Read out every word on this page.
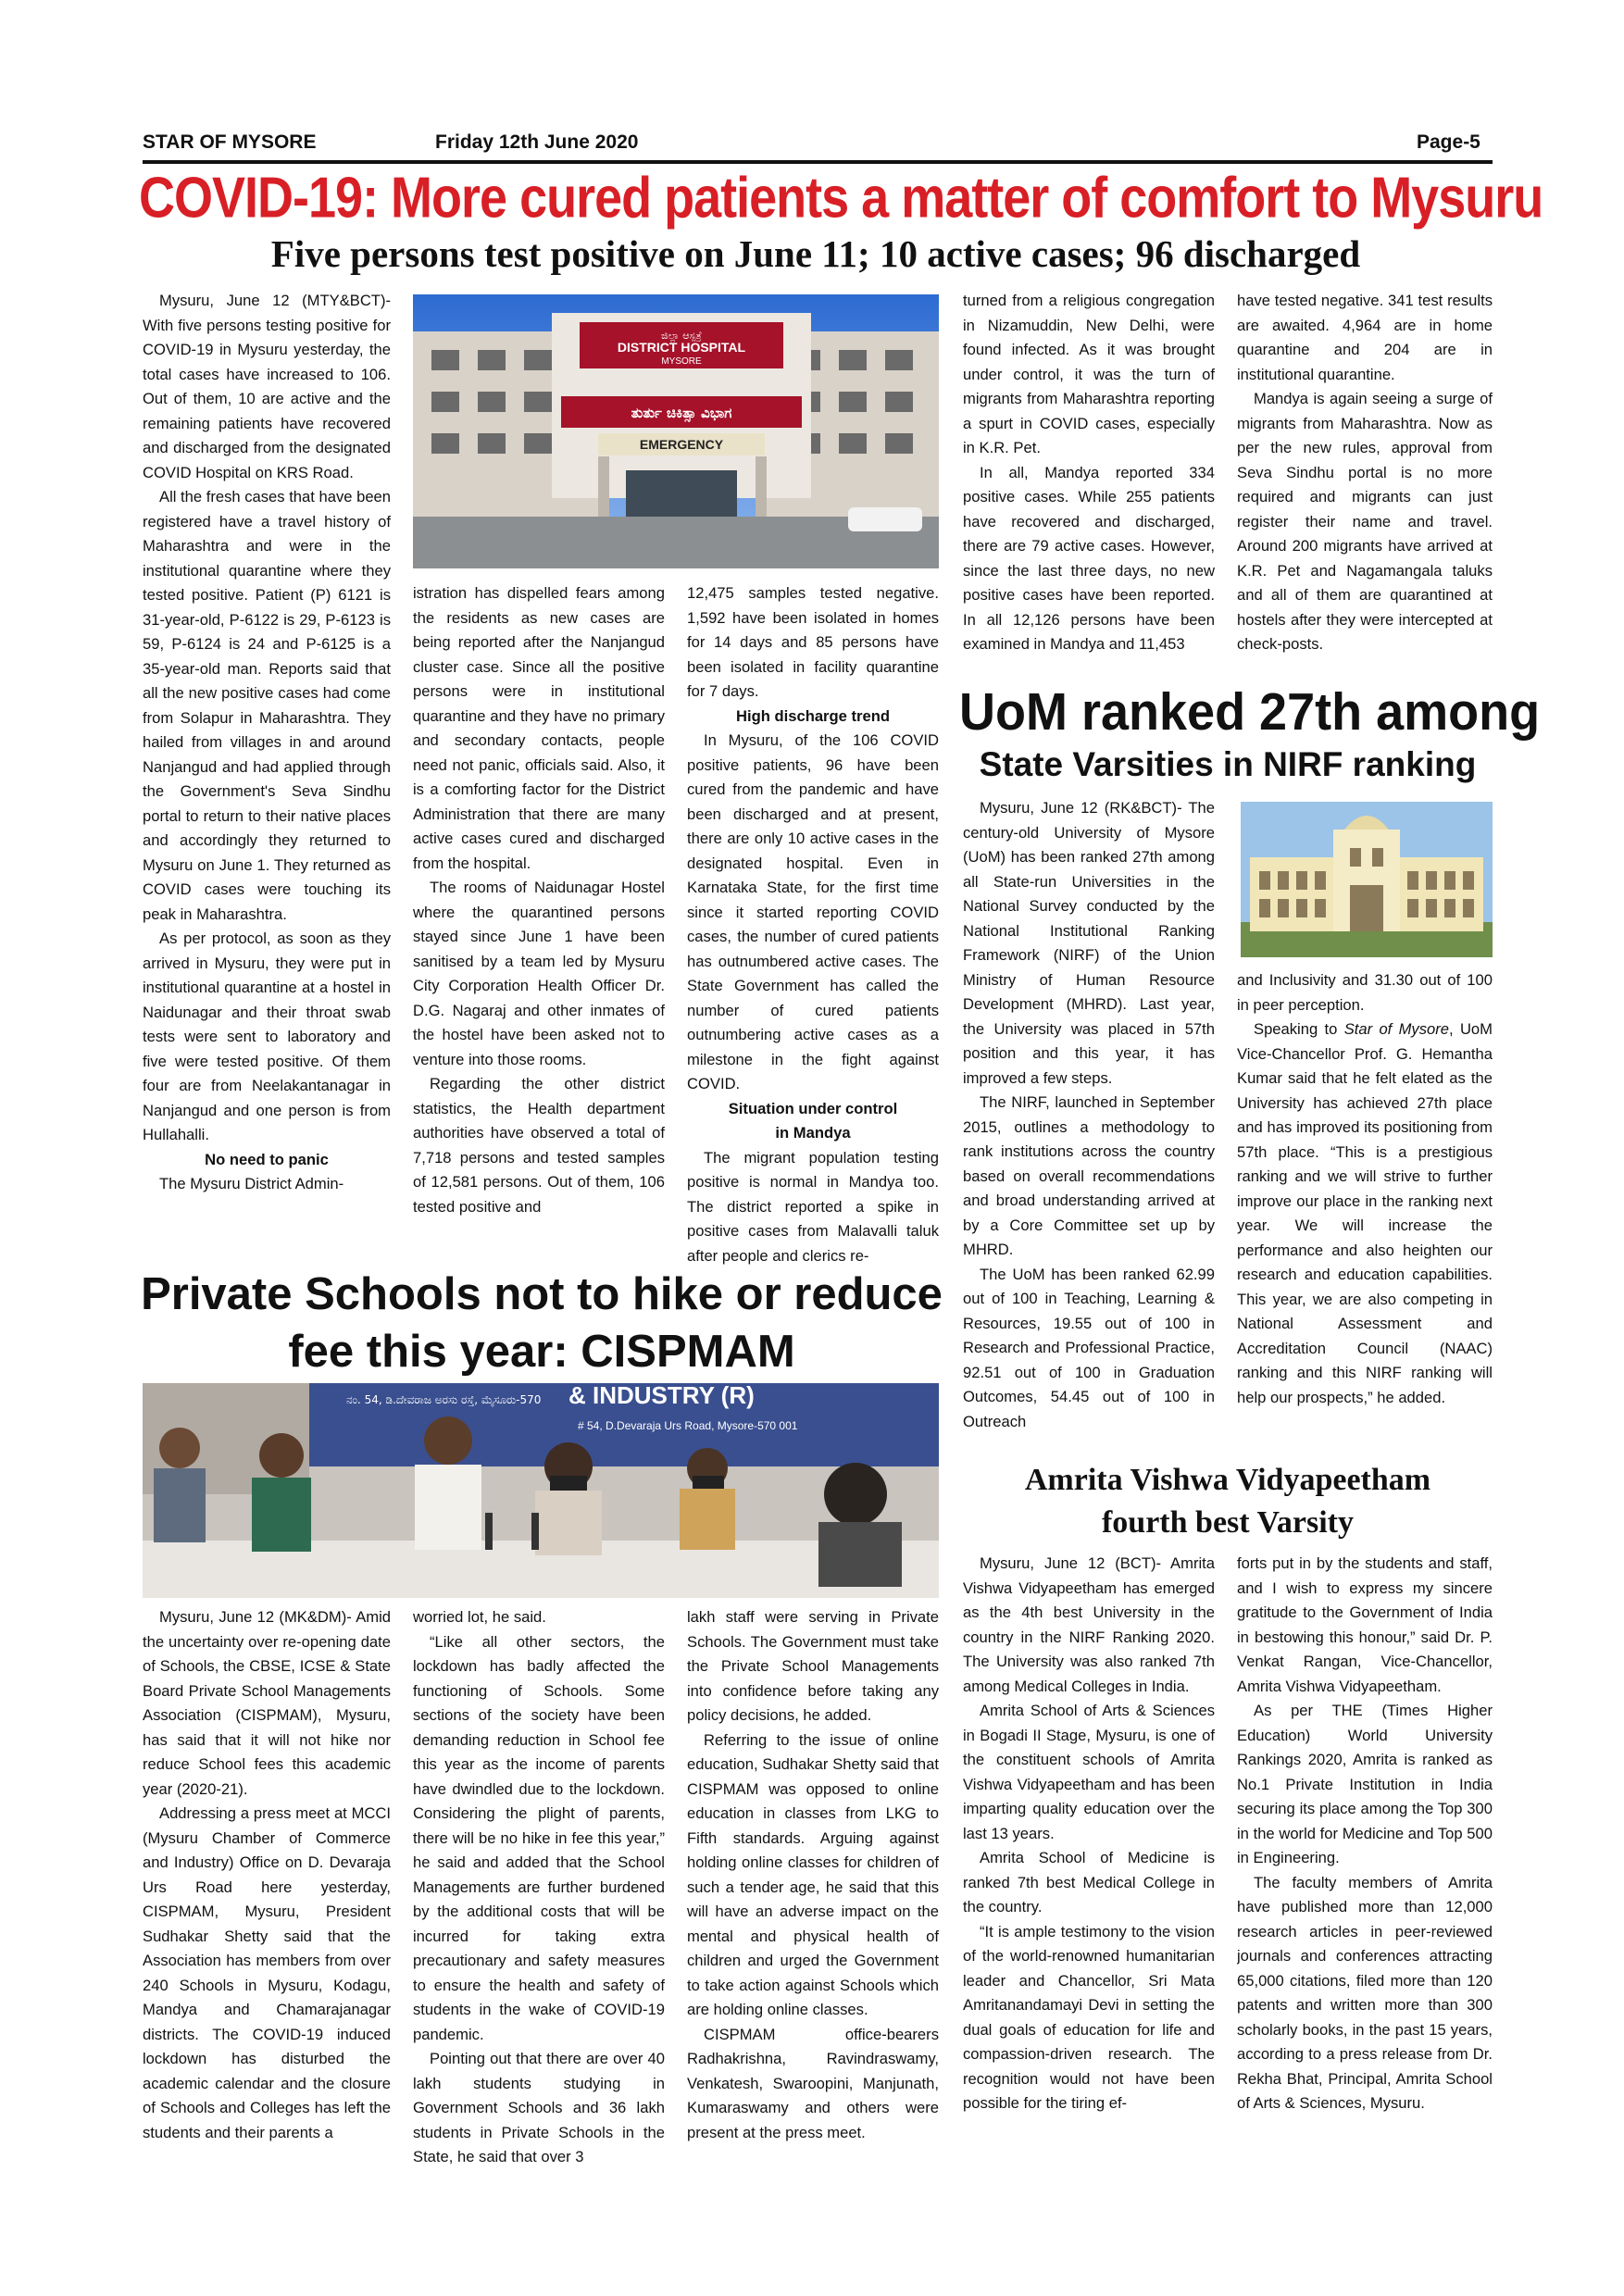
STAR OF MYSORE	Friday 12th June 2020	Page-5
COVID-19: More cured patients a matter of comfort to Mysuru
Five persons test positive on June 11; 10 active cases; 96 discharged

Mysuru, June 12 (MTY&BCT)- With five persons testing positive for COVID-19 in Mysuru yesterday, the total cases have increased to 106. Out of them, 10 are active and the remaining patients have recovered and discharged from the designated COVID Hospital on KRS Road.

All the fresh cases that have been registered have a travel history of Maharashtra and were in the institutional quarantine where they tested positive. Patient (P) 6121 is 31-year-old, P-6122 is 29, P-6123 is 59, P-6124 is 24 and P-6125 is a 35-year-old man. Reports said that all the new positive cases had come from Solapur in Maharashtra. They hailed from villages in and around Nanjangud and had applied through the Government's Seva Sindhu portal to return to their native places and accordingly they returned to Mysuru on June 1. They returned as COVID cases were touching its peak in Maharashtra.

As per protocol, as soon as they arrived in Mysuru, they were put in institutional quarantine at a hostel in Naidunagar and their throat swab tests were sent to laboratory and five were tested positive. Of them four are from Neelakantanagar in Nanjangud and one person is from Hullahalli.

No need to panic

The Mysuru District Admin-

ಜಿಲ್ಲಾ ಆಸ್ಪತ್ರೆ
DISTRICT HOSPITAL
MYSORE
ತುರ್ತು ಚಿಕಿತ್ಸಾ ವಿಭಾಗ
EMERGENCY

istration has dispelled fears among the residents as new cases are being reported after the Nanjangud cluster case. Since all the positive persons were in institutional quarantine and they have no primary and secondary contacts, people need not panic, officials said. Also, it is a comforting factor for the District Administration that there are many active cases cured and discharged from the hospital.

The rooms of Naidunagar Hostel where the quarantined persons stayed since June 1 have been sanitised by a team led by Mysuru City Corporation Health Officer Dr. D.G. Nagaraj and other inmates of the hostel have been asked not to venture into those rooms.

Regarding the other district statistics, the Health department authorities have observed a total of 7,718 persons and tested samples of 12,581 persons. Out of them, 106 tested positive and

12,475 samples tested negative. 1,592 have been isolated in homes for 14 days and 85 persons have been isolated in facility quarantine for 7 days.

High discharge trend

In Mysuru, of the 106 COVID positive patients, 96 have been cured from the pandemic and have been discharged and at present, there are only 10 active cases in the designated hospital. Even in Karnataka State, for the first time since it started reporting COVID cases, the number of cured patients has outnumbered active cases. The State Government has called the number of cured patients outnumbering active cases as a milestone in the fight against COVID.

Situation under control

in Mandya

The migrant population testing positive is normal in Mandya too. The district reported a spike in positive cases from Malavalli taluk after people and clerics re-

turned from a religious congregation in Nizamuddin, New Delhi, were found infected. As it was brought under control, it was the turn of migrants from Maharashtra reporting a spurt in COVID cases, especially in K.R. Pet.

In all, Mandya reported 334 positive cases. While 255 patients have recovered and discharged, there are 79 active cases. However, since the last three days, no new positive cases have been reported. In all 12,126 persons have been examined in Mandya and 11,453

have tested negative. 341 test results are awaited. 4,964 are in home quarantine and 204 are in institutional quarantine.

Mandya is again seeing a surge of migrants from Maharashtra. Now as per the new rules, approval from Seva Sindhu portal is no more required and migrants can just register their name and travel. Around 200 migrants have arrived at K.R. Pet and Nagamangala taluks and all of them are quarantined at hostels after they were intercepted at check-posts.

UoM ranked 27th among
State Varsities in NIRF ranking

Mysuru, June 12 (RK&BCT)- The century-old University of Mysore (UoM) has been ranked 27th among all State-run Universities in the National Survey conducted by the National Institutional Ranking Framework (NIRF) of the Union Ministry of Human Resource Development (MHRD). Last year, the University was placed in 57th position and this year, it has improved a few steps.

The NIRF, launched in September 2015, outlines a methodology to rank institutions across the country based on overall recommendations and broad understanding arrived at by a Core Committee set up by MHRD.

The UoM has been ranked 62.99 out of 100 in Teaching, Learning & Resources, 19.55 out of 100 in Research and Professional Practice, 92.51 out of 100 in Graduation Outcomes, 54.45 out of 100 in Outreach

and Inclusivity and 31.30 out of 100 in peer perception.

Speaking to Star of Mysore, UoM Vice-Chancellor Prof. G. Hemantha Kumar said that he felt elated as the University has achieved 27th place and has improved its positioning from 57th place. “This is a prestigious ranking and we will strive to further improve our place in the ranking next year. We will increase the performance and also heighten our research and education capabilities. This year, we are also competing in National Assessment and Accreditation Council (NAAC) ranking and this NIRF ranking will help our prospects,” he added.

Private Schools not to hike or reduce
fee this year: CISPMAM
ನಂ. 54, ಡಿ.ದೇವರಾಜ ಅರಸು ರಸ್ತೆ, ಮೈಸೂರು-570 & INDUSTRY (R)
# 54, D.Devaraja Urs Road, Mysore-570 001

Mysuru, June 12 (MK&DM)- Amid the uncertainty over re-opening date of Schools, the CBSE, ICSE & State Board Private School Managements Association (CISPMAM), Mysuru, has said that it will not hike nor reduce School fees this academic year (2020-21).

Addressing a press meet at MCCI (Mysuru Chamber of Commerce and Industry) Office on D. Devaraja Urs Road here yesterday, CISPMAM, Mysuru, President Sudhakar Shetty said that the Association has members from over 240 Schools in Mysuru, Kodagu, Mandya and Chamarajanagar districts. The COVID-19 induced lockdown has disturbed the academic calendar and the closure of Schools and Colleges has left the students and their parents a

worried lot, he said.

“Like all other sectors, the lockdown has badly affected the functioning of Schools. Some sections of the society have been demanding reduction in School fee this year as the income of parents have dwindled due to the lockdown. Considering the plight of parents, there will be no hike in fee this year,” he said and added that the School Managements are further burdened by the additional costs that will be incurred for taking extra precautionary and safety measures to ensure the health and safety of students in the wake of COVID-19 pandemic.

Pointing out that there are over 40 lakh students studying in Government Schools and 36 lakh students in Private Schools in the State, he said that over 3

lakh staff were serving in Private Schools. The Government must take the Private School Managements into confidence before taking any policy decisions, he added.

Referring to the issue of online education, Sudhakar Shetty said that CISPMAM was opposed to online education in classes from LKG to Fifth standards. Arguing against holding online classes for children of such a tender age, he said that this will have an adverse impact on the mental and physical health of children and urged the Government to take action against Schools which are holding online classes.

CISPMAM office-bearers Radhakrishna, Ravindraswamy, Venkatesh, Swaroopini, Manjunath, Kumaraswamy and others were present at the press meet.

Amrita Vishwa Vidyapeetham
fourth best Varsity

Mysuru, June 12 (BCT)- Amrita Vishwa Vidyapeetham has emerged as the 4th best University in the country in the NIRF Ranking 2020. The University was also ranked 7th among Medical Colleges in India.

Amrita School of Arts & Sciences in Bogadi II Stage, Mysuru, is one of the constituent schools of Amrita Vishwa Vidyapeetham and has been imparting quality education over the last 13 years.

Amrita School of Medicine is ranked 7th best Medical College in the country.

“It is ample testimony to the vision of the world-renowned humanitarian leader and Chancellor, Sri Mata Amritanandamayi Devi in setting the dual goals of education for life and compassion-driven research. The recognition would not have been possible for the tiring ef-

forts put in by the students and staff, and I wish to express my sincere gratitude to the Government of India in bestowing this honour,” said Dr. P. Venkat Rangan, Vice-Chancellor, Amrita Vishwa Vidyapeetham.

As per THE (Times Higher Education) World University Rankings 2020, Amrita is ranked as No.1 Private Institution in India securing its place among the Top 300 in the world for Medicine and Top 500 in Engineering.

The faculty members of Amrita have published more than 12,000 research articles in peer-reviewed journals and conferences attracting 65,000 citations, filed more than 120 patents and written more than 300 scholarly books, in the past 15 years, according to a press release from Dr. Rekha Bhat, Principal, Amrita School of Arts & Sciences, Mysuru.
